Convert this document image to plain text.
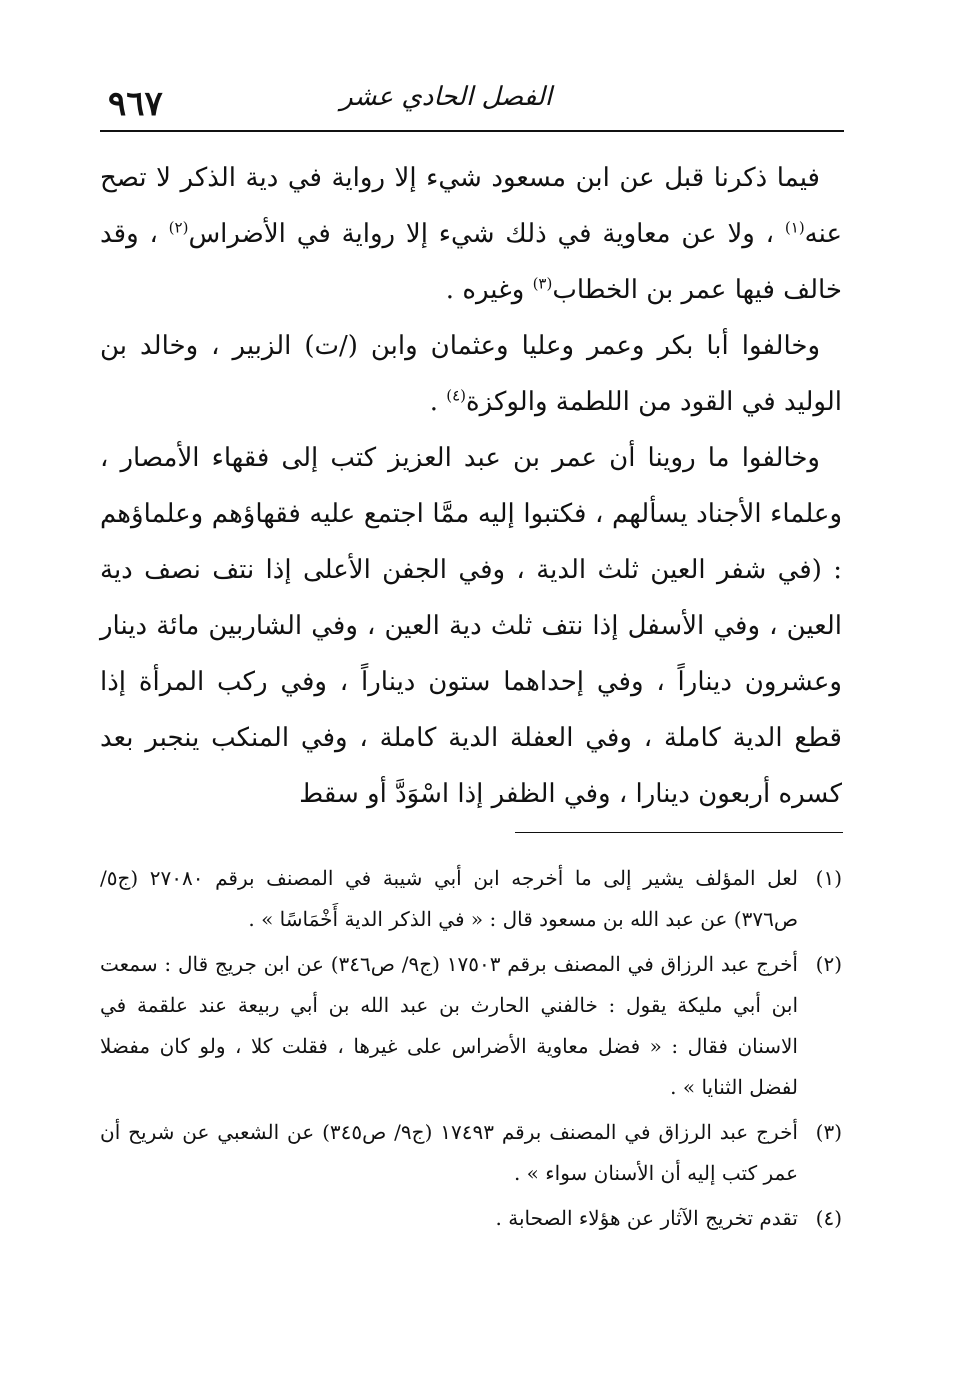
٩٦٧	الفصل الحادي عشر

فيما ذكرنا قبل عن ابن مسعود شيء إلا رواية في دية الذكر لا تصح عنه$^{(١)}$ ، ولا عن معاوية في ذلك شيء إلا رواية في الأضراس$^{(٢)}$ ، وقد خالف فيها عمر بن الخطاب$^{(٣)}$ وغيره .

وخالفوا أبا بكر وعمر وعليا وعثمان وابن (/ت) الزبير ، وخالد بن الوليد في القود من اللطمة والوكزة$^{(٤)}$ .

وخالفوا ما روينا أن عمر بن عبد العزيز كتب إلى فقهاء الأمصار ، وعلماء الأجناد يسألهم ، فكتبوا إليه ممَّا اجتمع عليه فقهاؤهم وعلماؤهم : (في شفر العين ثلث الدية ، وفي الجفن الأعلى إذا نتف نصف دية العين ، وفي الأسفل إذا نتف ثلث دية العين ، وفي الشاربين مائة دينار وعشرون ديناراً ، وفي إحداهما ستون ديناراً ، وفي ركب المرأة إذا قطع الدية كاملة ، وفي العفلة الدية كاملة ، وفي المنكب ينجبر بعد كسره أربعون دينارا ، وفي الظفر إذا اسْوَدَّ أو سقط

(١)
لعل المؤلف يشير إلى ما أخرجه ابن أبي شيبة في المصنف برقم ٢٧٠٨٠ (ج٥/ ص٣٧٦) عن عبد الله بن مسعود قال : « في الذكر الدية أَخْمَاسًا » .
(٢)
أخرج عبد الرزاق في المصنف برقم ١٧٥٠٣ (ج٩/ ص٣٤٦) عن ابن جريج قال : سمعت ابن أبي مليكة يقول : خالفني الحارث بن عبد الله بن أبي ربيعة عند علقمة في الاسنان فقال : « فضل معاوية الأضراس على غيرها ، فقلت كلا ، ولو كان مفضلا لفضل الثنايا » .
(٣)
أخرج عبد الرزاق في المصنف برقم ١٧٤٩٣ (ج٩/ ص٣٤٥) عن الشعبي عن شريح أن عمر كتب إليه أن الأسنان سواء » .
(٤)
تقدم تخريج الآثار عن هؤلاء الصحابة .
